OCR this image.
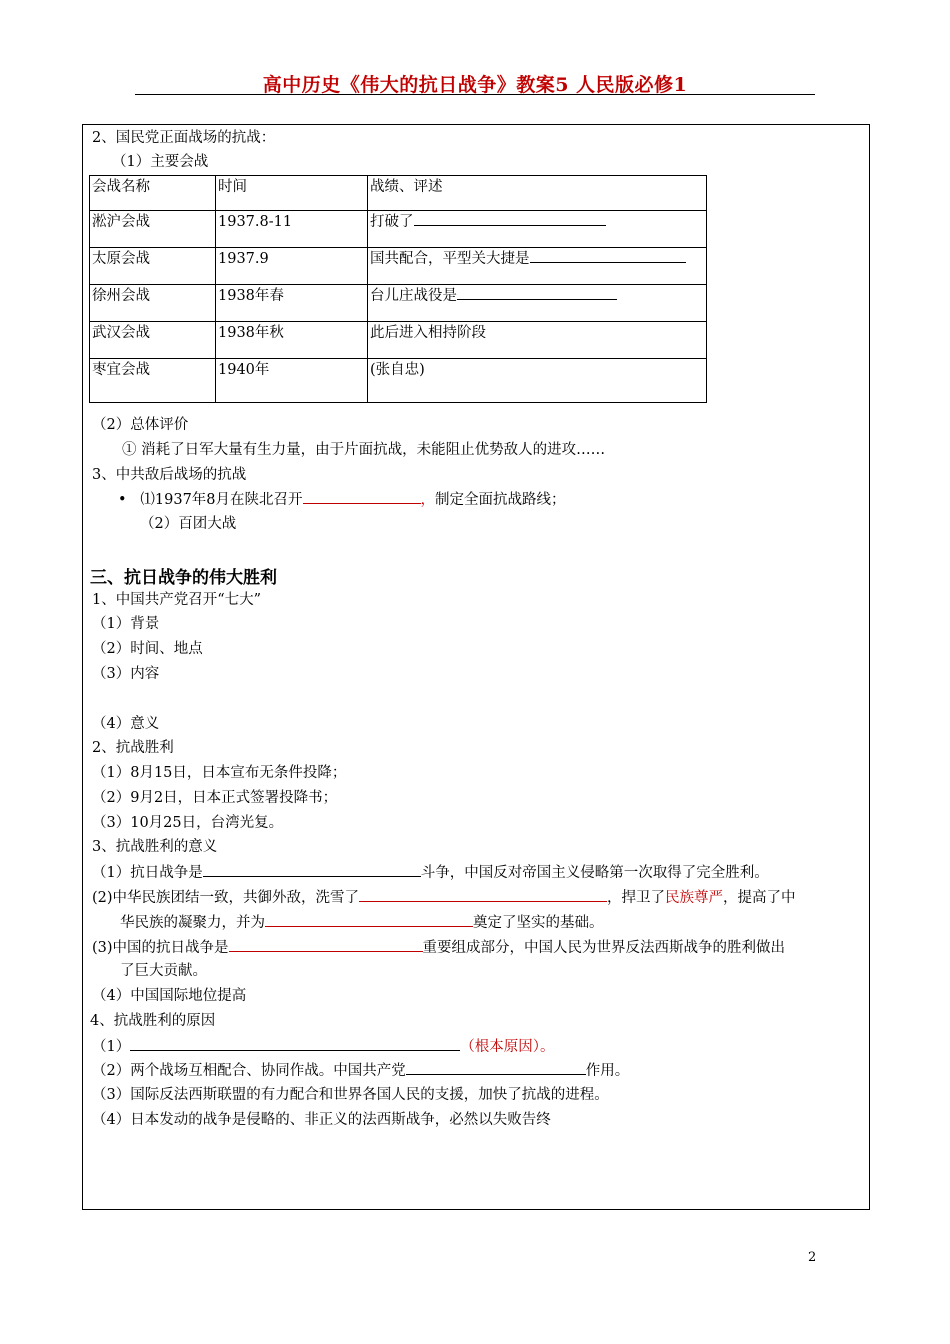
高中历史《伟大的抗日战争》教案5 人民版必修1
2、国民党正面战场的抗战：
（1）主要会战
会战名称	时间	战绩、评述
淞沪会战	1937.8-11	打破了
太原会战	1937.9	国共配合，平型关大捷是
徐州会战	1938年春	台儿庄战役是
武汉会战	1938年秋	此后进入相持阶段
枣宜会战	1940年	(张自忠)
（2）总体评价
① 消耗了日军大量有生力量，由于片面抗战，未能阻止优势敌人的进攻……
3、中共敌后战场的抗战
• ⑴1937年8月在陕北召开	，制定全面抗战路线；
（2）百团大战
三、抗日战争的伟大胜利
1、中国共产党召开“七大”
（1）背景
（2）时间、地点
（3）内容
（4）意义
2、抗战胜利
（1）8月15日，日本宣布无条件投降；
（2）9月2日，日本正式签署投降书；
（3）10月25日，台湾光复。
3、抗战胜利的意义
（1）抗日战争是	斗争，中国反对帝国主义侵略第一次取得了完全胜利。
(2)中华民族团结一致，共御外敌，洗雪了	，捍卫了民族尊严，提高了中
华民族的凝聚力，并为	奠定了坚实的基础。
(3)中国的抗日战争是	重要组成部分，中国人民为世界反法西斯战争的胜利做出
了巨大贡献。
（4）中国国际地位提高
4、抗战胜利的原因
（1）	（根本原因）。
（2）两个战场互相配合、协同作战。中国共产党	作用。
（3）国际反法西斯联盟的有力配合和世界各国人民的支援，加快了抗战的进程。
（4）日本发动的战争是侵略的、非正义的法西斯战争，必然以失败告终
2
